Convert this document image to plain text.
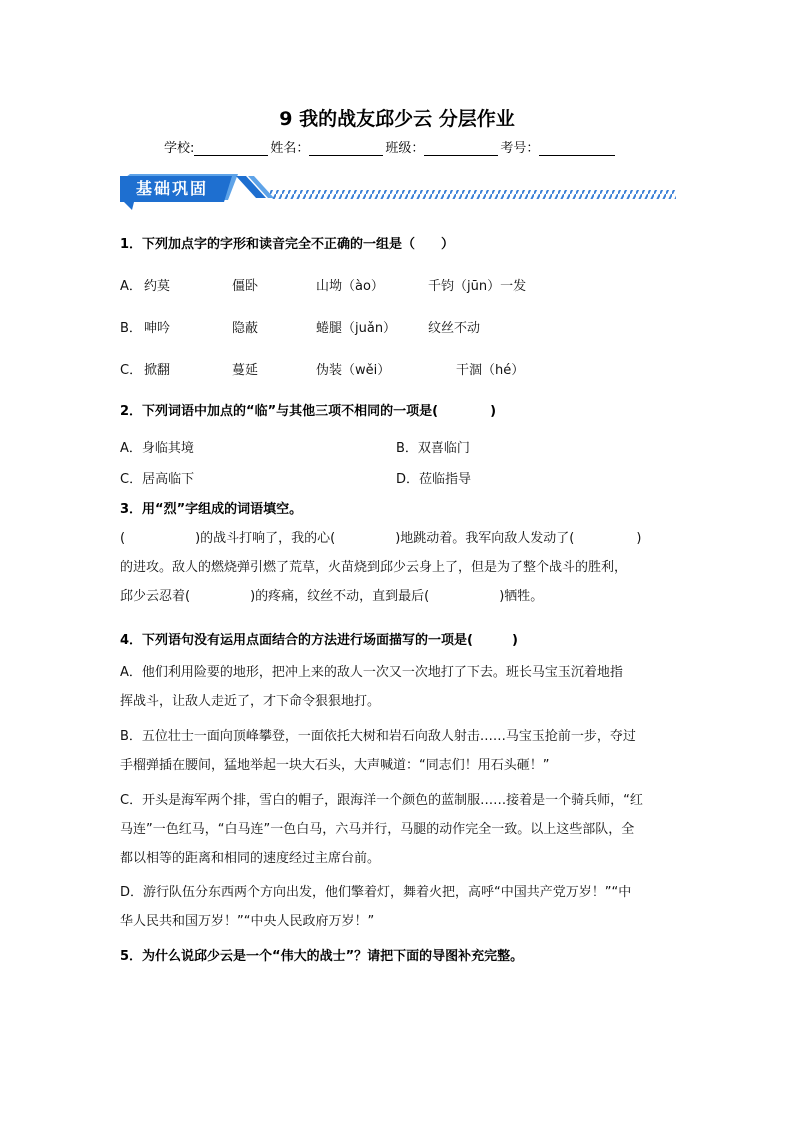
9 我的战友邱少云 分层作业
学校:	姓名：	班级：	考号：
基础巩固
1．下列加点字的字形和读音完全不正确的一组是（　　）
A． 约莫	僵卧	山坳（ào）	千钧（jūn）一发
B． 呻吟	隐蔽	蜷腿（juǎn） 纹丝不动
C． 掀翻	蔓延	伪装（wěi）	干涸（hé）
2．下列词语中加点的“临”与其他三项不相同的一项是(　　　　)
A．身临其境	B．双喜临门
C．居高临下	D．莅临指导
3．用“烈”字组成的词语填空。
(	)的战斗打响了，我的心(	)地跳动着。我军向敌人发动了(	)
的进攻。敌人的燃烧弹引燃了荒草，火苗烧到邱少云身上了，但是为了整个战斗的胜利，
邱少云忍着(	)的疼痛，纹丝不动，直到最后(	)牺牲。
4．下列语句没有运用点面结合的方法进行场面描写的一项是(　　　)
A．他们利用险要的地形，把冲上来的敌人一次又一次地打了下去。班长马宝玉沉着地指
挥战斗，让敌人走近了，才下命令狠狠地打。
B．五位壮士一面向顶峰攀登，一面依托大树和岩石向敌人射击……马宝玉抢前一步，夺过
手榴弹插在腰间，猛地举起一块大石头，大声喊道：“同志们！用石头砸！”
C．开头是海军两个排，雪白的帽子，跟海洋一个颜色的蓝制服……接着是一个骑兵师，“红
马连”一色红马，“白马连”一色白马，六马并行，马腿的动作完全一致。以上这些部队，全
都以相等的距离和相同的速度经过主席台前。
D．游行队伍分东西两个方向出发，他们擎着灯，舞着火把，高呼“中国共产党万岁！”“中
华人民共和国万岁！”“中央人民政府万岁！”
5．为什么说邱少云是一个“伟大的战士”？请把下面的导图补充完整。
